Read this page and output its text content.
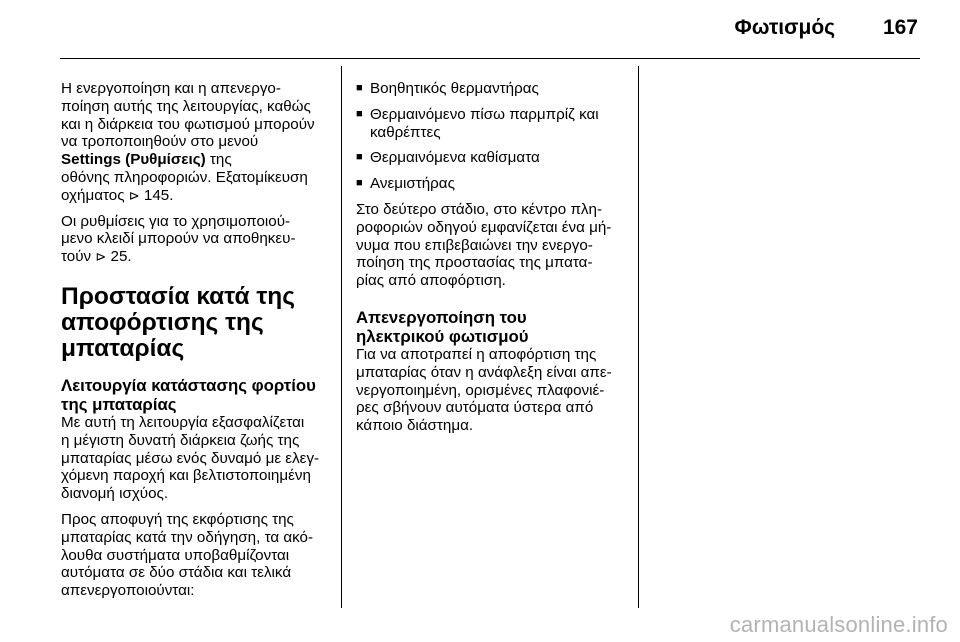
Φωτισμός 167

Η ενεργοποίηση και η απενεργο-
ποίηση αυτής της λειτουργίας, καθώς
και η διάρκεια του φωτισμού μπορούν
να τροποποιηθούν στο μενού
Settings (Ρυθμίσεις) της
οθόνης πληροφοριών. Εξατομίκευση
οχήματος ⊳ 145.

Οι ρυθμίσεις για το χρησιμοποιού-
μενο κλειδί μπορούν να αποθηκευ-
τούν ⊳ 25.

Προστασία κατά της
αποφόρτισης της
μπαταρίας
Λειτουργία κατάστασης φορτίου
της μπαταρίας

Με αυτή τη λειτουργία εξασφαλίζεται
η μέγιστη δυνατή διάρκεια ζωής της
μπαταρίας μέσω ενός δυναμό με ελεγ-
χόμενη παροχή και βελτιστοποιημένη
διανομή ισχύος.

Προς αποφυγή της εκφόρτισης της
μπαταρίας κατά την οδήγηση, τα ακό-
λουθα συστήματα υποβαθμίζονται
αυτόματα σε δύο στάδια και τελικά
απενεργοποιούνται:

■ Βοηθητικός θερμαντήρας
■ Θερμαινόμενο πίσω παρμπρίζ και
καθρέπτες
■ Θερμαινόμενα καθίσματα
■ Ανεμιστήρας

Στο δεύτερο στάδιο, στο κέντρο πλη-
ροφοριών οδηγού εμφανίζεται ένα μή-
νυμα που επιβεβαιώνει την ενεργο-
ποίηση της προστασίας της μπατα-
ρίας από αποφόρτιση.

Απενεργοποίηση του
ηλεκτρικού φωτισμού

Για να αποτραπεί η αποφόρτιση της
μπαταρίας όταν η ανάφλεξη είναι απε-
νεργοποιημένη, ορισμένες πλαφονιέ-
ρες σβήνουν αυτόματα ύστερα από
κάποιο διάστημα.

carmanualsonline.info
